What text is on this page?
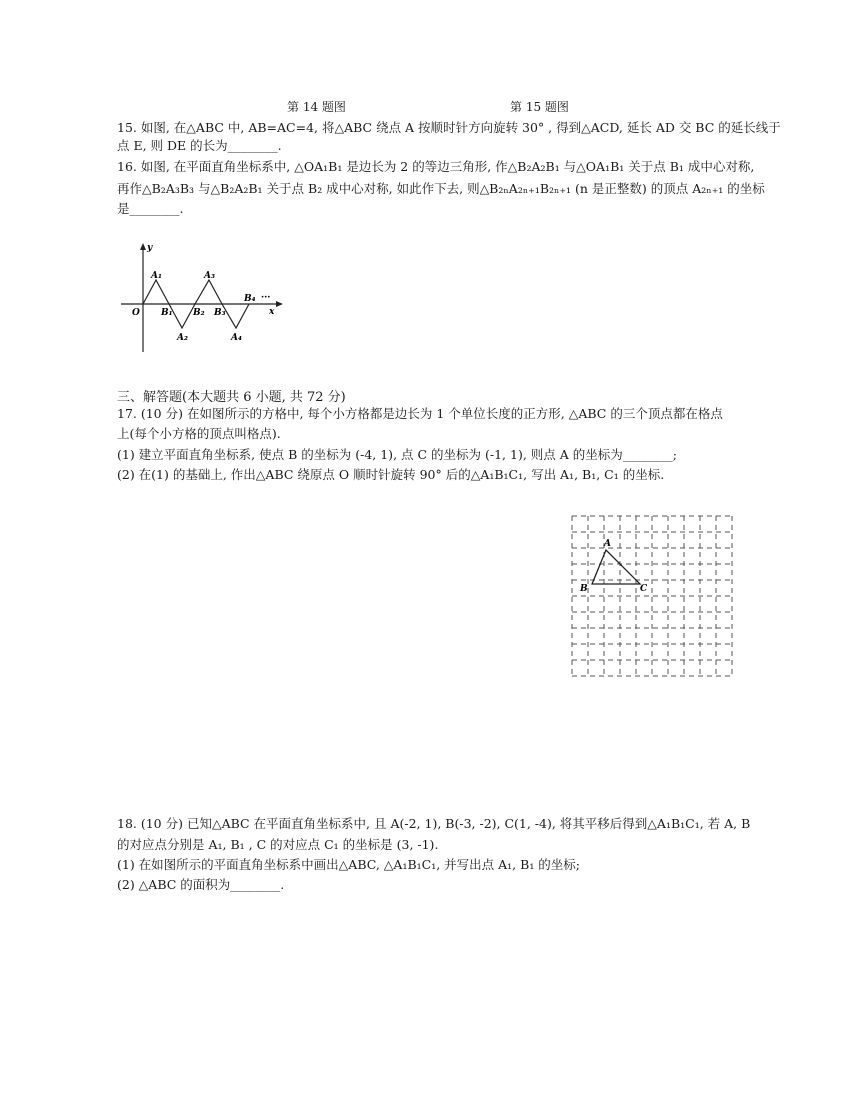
第 14 题图	第 15 题图
15. 如图, 在△ABC 中, AB=AC=4, 将△ABC 绕点 A 按顺时针方向旋转 30° , 得到△ACD, 延长 AD 交 BC 的延长线于
点 E, 则 DE 的长为________.
16. 如图, 在平面直角坐标系中, △OA₁B₁ 是边长为 2 的等边三角形, 作△B₂A₂B₁ 与△OA₁B₁ 关于点 B₁ 成中心对称,
再作△B₂A₃B₃ 与△B₂A₂B₁ 关于点 B₂ 成中心对称, 如此作下去, 则△B₂ₙA₂ₙ₊₁B₂ₙ₊₁ (n 是正整数) 的顶点 A₂ₙ₊₁ 的坐标
是________.
y
x
O
A₁
A₂
A₃
A₄
B₁ B₂ B₃
B₄ ···
三、解答题(本大题共 6 小题, 共 72 分)
17. (10 分) 在如图所示的方格中, 每个小方格都是边长为 1 个单位长度的正方形, △ABC 的三个顶点都在格点
上(每个小方格的顶点叫格点).
(1) 建立平面直角坐标系, 使点 B 的坐标为 (-4, 1), 点 C 的坐标为 (-1, 1), 则点 A 的坐标为________;
(2) 在(1) 的基础上, 作出△ABC 绕原点 O 顺时针旋转 90° 后的△A₁B₁C₁, 写出 A₁, B₁, C₁ 的坐标.
A
B	C
18. (10 分) 已知△ABC 在平面直角坐标系中, 且 A(-2, 1), B(-3, -2), C(1, -4), 将其平移后得到△A₁B₁C₁, 若 A, B
的对应点分别是 A₁, B₁ , C 的对应点 C₁ 的坐标是 (3, -1).
(1) 在如图所示的平面直角坐标系中画出△ABC, △A₁B₁C₁, 并写出点 A₁, B₁ 的坐标;
(2) △ABC 的面积为________.
